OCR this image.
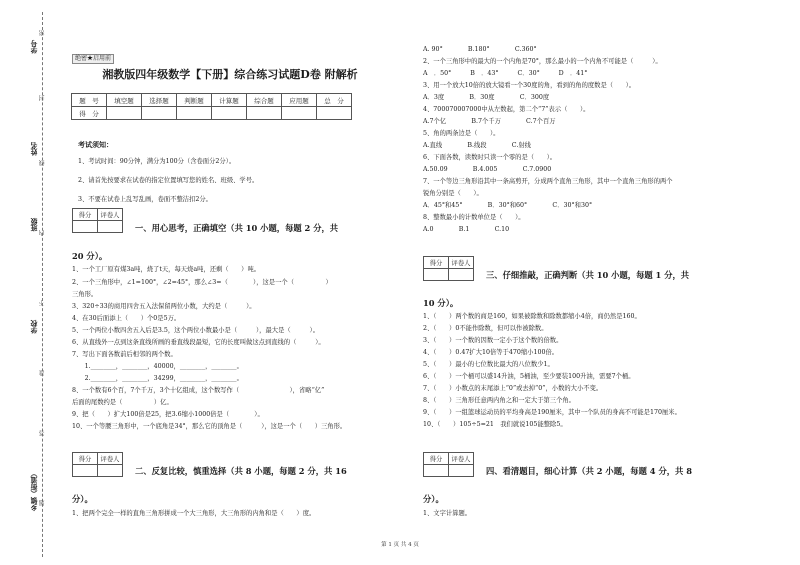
学号
姓名
班级
学校
乡镇（街道）
密
封
线
内
不
准
答
题
绝密★启用前
湘教版四年级数学【下册】综合练习试题D卷 附解析
题　号	填空题	选择题	判断题	计算题	综合题	应用题	总　分
得　分							
考试须知：
1、考试时间：90分钟，满分为100分（含卷面分2分）。
2、请首先按要求在试卷的指定位置填写您的姓名、班级、学号。
3、不要在试卷上乱写乱画，卷面不整洁扣2分。
得分	评卷人

一、用心思考，正确填空（共 10 小题，每题 2 分，共
20 分）。
1、一个工厂原有煤3a吨，烧了t天，每天烧a吨，还剩（　　）吨。
2、一个三角形中，∠1=100°，∠2=45°，那么∠3=（　　　　），这是一个（　　　　　）
三角形。
3、320÷33的商用四舍五入法保留两位小数，大约是（　　　）。
4、在30后面添上（　　）个0是5万。
5、一个两位小数四舍五入后是3.5，这个两位小数最小是（　　　），最大是（　　　）。
6、从直线外一点到这条直线所画的垂直线段最短，它的长度叫做这点到直线的（　　　）。
7、写出下面各数前后相邻的两个数。
　　1.________，________，40000，________，________。
　　2.________，________，34299，________，________。
8、一个数有6个百，7个千万，3个十亿组成，这个数写作（　　　　　　　　），省略“亿”
后面的尾数约是（　　　　　）亿。
9、把（　　）扩大100倍是25，把3.6缩小1000倍是（　　　　）。
10、一个等腰三角形中，一个底角是34°，那么它的顶角是（　　　），这是一个（　　）三角形。
得分	评卷人

二、反复比较，慎重选择（共 8 小题，每题 2 分，共 16
分）。
1、把两个完全一样的直角三角形拼成一个大三角形，大三角形的内角和是（　　）度。
A. 90°　　　　B.180°　　　　C.360°
2、一个三角形中的最大的一个内角是70°，那么最小的一个内角不可能是（　　　）。
A　．50°　　　B　．43°　　　C．30°　　　D　．41°
3、用一个放大10倍的放大镜看一个30度的角，看到的角的度数是（　　）。
A．3度　　　　B．30度　　　　C．300度
4、700070007000中从左数起，第二个“7”表示（　　）。
A.7个亿　　　　B.7个千万　　　　C.7个百万
5、角的两条边是（　　）。
A.直线　　　　B.线段　　　　C.射线
6、下面各数，读数时只读一个零的是（　　）。
A.50.09　　　　B.4.005　　　　C.7.0900
7、一个等边三角形沿其中一条高剪开，分成两个直角三角形，其中一个直角三角形的两个
锐角分别是（　　）。
A．45°和45°　　　　B．30°和60°　　　　C．30°和30°
8、整数最小的计数单位是（　　）。
A.0　　　　B.1　　　　C.10
得分	评卷人

三、仔细推敲，正确判断（共 10 小题，每题 1 分，共
10 分）。
1、（　　）两个数的商是160，如果被除数和除数都缩小4倍，商仍然是160。
2、（　　）0不能作除数，但可以作被除数。
3、（　　）一个数的因数一定小于这个数的倍数。
4、（　　）0.47扩大10倍等于470缩小100倍。
5、（　　）最小的七位数比最大的八位数少1。
6、（　　）一个桶可以盛14升油，5桶油，至少要装100升油，需要7个桶。
7、（　　）小数点的末尾添上“0”或去掉“0”，小数的大小不变。
8、（　　）三角形任意两内角之和一定大于第三个角。
9、（　　）一组篮球运动员的平均身高是190厘米，其中一个队员的身高不可能是170厘米。
10、（　　）105÷5=21　我们就说105能整除5。
得分	评卷人

四、看清题目，细心计算（共 2 小题，每题 4 分，共 8
分）。
1、文字计算题。
第 1 页 共 4 页
